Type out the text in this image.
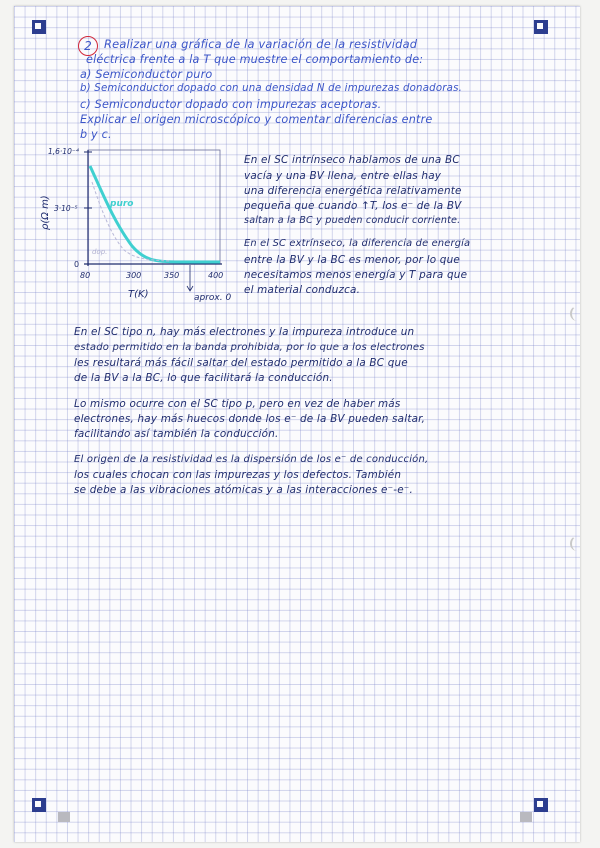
2	Realizar una gráfica de la variación de la resistividad
eléctrica frente a la T que muestre el comportamiento de:
a) Semiconductor puro
b) Semiconductor dopado con una densidad N de impurezas donadoras.
c) Semiconductor dopado con impurezas aceptoras.
Explicar el origen microscópico y comentar diferencias entre
b y c.
ρ(Ω m)
1,6·10⁻⁴
3·10⁻⁵
0
80	300	350	400
T(K)
puro
dop.
aprox. 0
En el SC intrínseco hablamos de una BC
vacía y una BV llena, entre ellas hay
una diferencia energética relativamente
pequeña que cuando ↑T, los e⁻ de la BV
saltan a la BC y pueden conducir corriente.
En el SC extrínseco, la diferencia de energía
entre la BV y la BC es menor, por lo que
necesitamos menos energía y T para que
el material conduzca.
En el SC tipo n, hay más electrones y la impureza introduce un
estado permitido en la banda prohibida, por lo que a los electrones
les resultará más fácil saltar del estado permitido a la BC que
de la BV a la BC, lo que facilitará la conducción.
Lo mismo ocurre con el SC tipo p, pero en vez de haber más
electrones, hay más huecos donde los e⁻ de la BV pueden saltar,
facilitando así también la conducción.
El origen de la resistividad es la dispersión de los e⁻ de conducción,
los cuales chocan con las impurezas y los defectos. También
se debe a las vibraciones atómicas y a las interacciones e⁻-e⁻.
